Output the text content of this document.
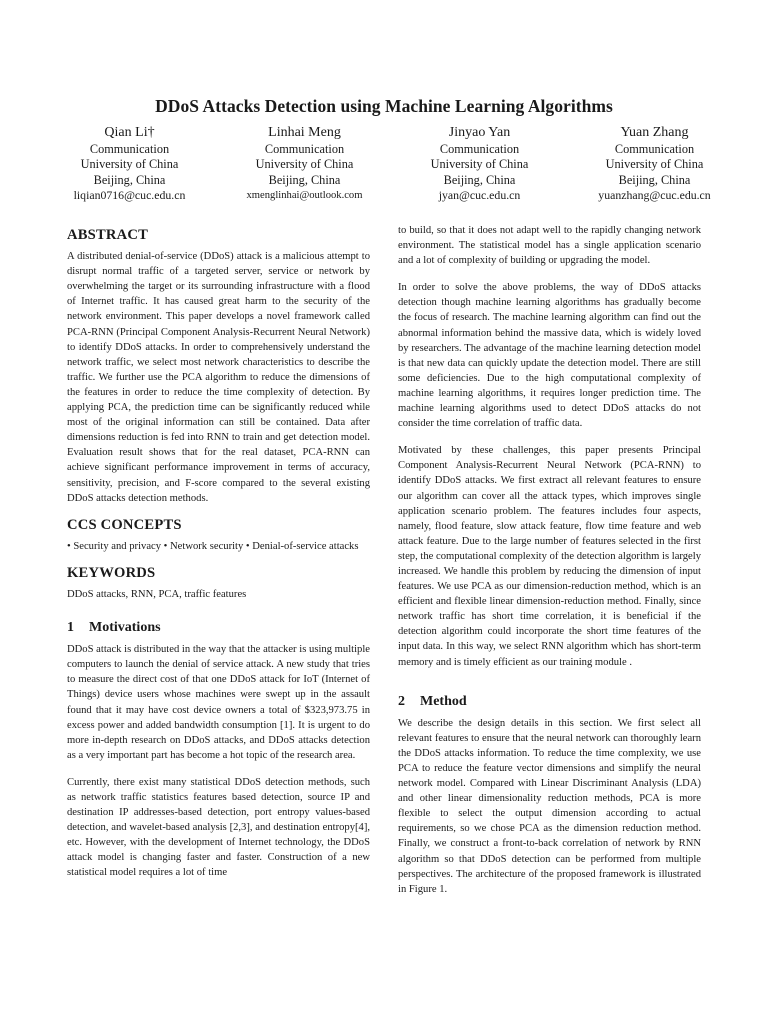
DDoS Attacks Detection using Machine Learning Algorithms
Qian Li†
Communication
University of China
Beijing, China
liqian0716@cuc.edu.cn
Linhai Meng
Communication
University of China
Beijing, China
xmenglinhai@outlook.com
Jinyao Yan
Communication
University of China
Beijing, China
jyan@cuc.edu.cn
Yuan Zhang
Communication
University of China
Beijing, China
yuanzhang@cuc.edu.cn
ABSTRACT

A distributed denial-of-service (DDoS) attack is a malicious attempt to disrupt normal traffic of a targeted server, service or network by overwhelming the target or its surrounding infrastructure with a flood of Internet traffic. It has caused great harm to the security of the network environment. This paper develops a novel framework called PCA-RNN (Principal Component Analysis-Recurrent Neural Network) to identify DDoS attacks. In order to comprehensively understand the network traffic, we select most network characteristics to describe the traffic. We further use the PCA algorithm to reduce the dimensions of the features in order to reduce the time complexity of detection. By applying PCA, the prediction time can be significantly reduced while most of the original information can still be contained. Data after dimensions reduction is fed into RNN to train and get detection model. Evaluation result shows that for the real dataset, PCA-RNN can achieve significant performance improvement in terms of accuracy, sensitivity, precision, and F-score compared to the several existing DDoS attacks detection methods.

CCS CONCEPTS
• Security and privacy • Network security • Denial-of-service attacks
KEYWORDS

DDoS attacks, RNN, PCA, traffic features

1 Motivations

DDoS attack is distributed in the way that the attacker is using multiple computers to launch the denial of service attack. A new study that tries to measure the direct cost of that one DDoS attack for IoT (Internet of Things) device users whose machines were swept up in the assault found that it may have cost device owners a total of $323,973.75 in excess power and added bandwidth consumption [1]. It is urgent to do more in-depth research on DDoS attacks, and DDoS attacks detection as a very important part has become a hot topic of the research area.

Currently, there exist many statistical DDoS detection methods, such as network traffic statistics features based detection, source IP and destination IP addresses-based detection, port entropy values-based detection, and wavelet-based analysis [2,3], and destination entropy[4], etc. However, with the development of Internet technology, the DDoS attack model is changing faster and faster. Construction of a new statistical model requires a lot of time

to build, so that it does not adapt well to the rapidly changing network environment. The statistical model has a single application scenario and a lot of complexity of building or upgrading the model.

In order to solve the above problems, the way of DDoS attacks detection though machine learning algorithms has gradually become the focus of research. The machine learning algorithm can find out the abnormal information behind the massive data, which is widely loved by researchers. The advantage of the machine learning detection model is that new data can quickly update the detection model. There are still some deficiencies. Due to the high computational complexity of machine learning algorithms, it requires longer prediction time. The machine learning algorithms used to detect DDoS attacks do not consider the time correlation of traffic data.

Motivated by these challenges, this paper presents Principal Component Analysis-Recurrent Neural Network (PCA-RNN) to identify DDoS attacks. We first extract all relevant features to ensure our algorithm can cover all the attack types, which improves single application scenario problem. The features includes four aspects, namely, flood feature, slow attack feature, flow time feature and web attack feature. Due to the large number of features selected in the first step, the computational complexity of the detection algorithm is largely increased. We handle this problem by reducing the dimension of input features. We use PCA as our dimension-reduction method, which is an efficient and flexible linear dimension-reduction method. Finally, since network traffic has short time correlation, it is beneficial if the detection algorithm could incorporate the short time features of the input data. In this way, we select RNN algorithm which has short-term memory and is timely efficient as our training module .

2 Method

We describe the design details in this section. We first select all relevant features to ensure that the neural network can thoroughly learn the DDoS attacks information. To reduce the time complexity, we use PCA to reduce the feature vector dimensions and simplify the neural network model. Compared with Linear Discriminant Analysis (LDA) and other linear dimensionality reduction methods, PCA is more flexible to select the output dimension according to actual requirements, so we chose PCA as the dimension reduction method. Finally, we construct a front-to-back correlation of network by RNN algorithm so that DDoS detection can be performed from multiple perspectives. The architecture of the proposed framework is illustrated in Figure 1.
